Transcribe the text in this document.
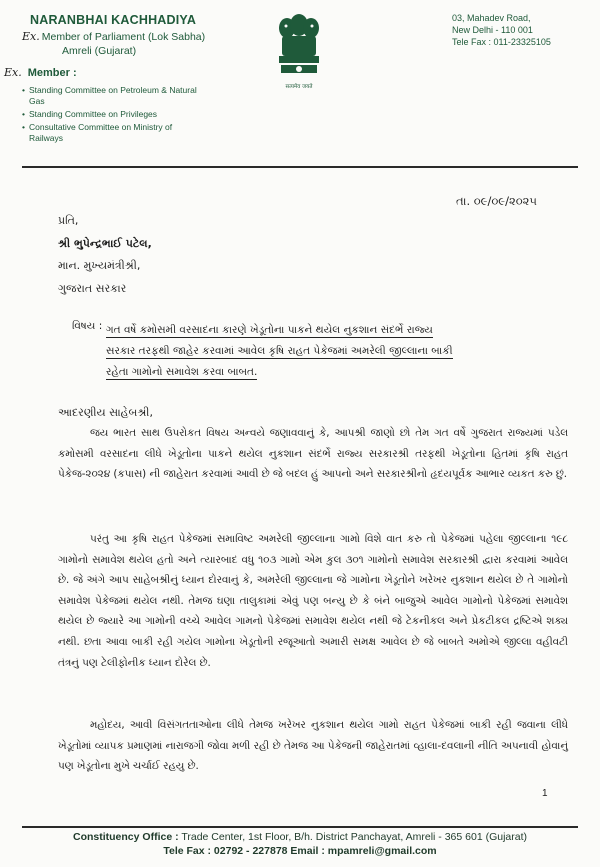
NARANBHAI KACHHADIYA
Ex. Member of Parliament (Lok Sabha)
Amreli (Gujarat)
Ex. Member :
• Standing Committee on Petroleum & Natural Gas
• Standing Committee on Privileges
• Consultative Committee on Ministry of Railways
सत्यमेव जयते
03, Mahadev Road,
New Delhi - 110 001
Tele Fax : 011-23325105
તા. ૦૯/૦૯/૨૦૨૫
પ્રતિ,
શ્રી ભુપેન્દ્રભાઈ પટેલ,
માન. મુખ્યમંત્રીશ્રી,
ગુજરાત સરકાર
વિષય : ગત વર્ષે કમોસમી વરસાદના કારણે ખેડૂતોના પાકને થયેલ નુકશાન સંદર્ભે રાજ્ય
સરકાર તરફથી જાહેર કરવામાં આવેલ કૃષિ રાહત પેકેજમાં અમરેલી જીલ્લાના બાકી
રહેતા ગામોનો સમાવેશ કરવા બાબત.
આદરણીય સાહેબશ્રી,
જય ભારત સાથ ઉપરોકત વિષય અન્વયે જણાવવાનું કે, આપશ્રી જાણો છો તેમ ગત વર્ષે ગુજરાત રાજ્યમાં પડેલ કમોસમી વરસાદના લીધે ખેડૂતોના પાકને થયેલ નુકશાન સંદર્ભે રાજ્ય સરકારશ્રી તરફથી ખેડૂતોના હિતમાં કૃષિ રાહત પેકેજ-૨૦૨૪ (કપાસ) ની જાહેરાત કરવામાં આવી છે જે બદલ હું આપનો અને સરકારશ્રીનો હૃદયપૂર્વક આભાર વ્યકત કરુ છું.
પરંતુ આ કૃષિ રાહત પેકેજમાં સમાવિષ્ટ અમરેલી જીલ્લાના ગામો વિશે વાત કરુ તો પેકેજમાં પહેલા જીલ્લાના ૧૯૮ ગામોનો સમાવેશ થયેલ હતો અને ત્યારબાદ વધુ ૧૦૩ ગામો એમ કુલ ૩૦૧ ગામોનો સમાવેશ સરકારશ્રી દ્વારા કરવામાં આવેલ છે. જે અંગે આપ સાહેબશ્રીનું ધ્યાન દોરવાનું કે, અમરેલી જીલ્લાના જે ગામોના ખેડૂતોને ખરેખર નુકશાન થયેલ છે તે ગામોનો સમાવેશ પેકેજમાં થયેલ નથી. તેમજ ઘણા તાલુકામાં એવું પણ બન્યુ છે કે બંને બાજુએ આવેલ ગામોનો પેકેજમાં સમાવેશ થયેલ છે જ્યારે આ ગામોની વચ્ચે આવેલ ગામનો પેકેજમાં સમાવેશ થયેલ નથી જે ટેકનીકલ અને પ્રેકટીકલ દ્રષ્ટિએ શક્ય નથી. છતા આવા બાકી રહી ગયેલ ગામોના ખેડૂતોની રજૂઆતો અમારી સમક્ષ આવેલ છે જે બાબતે અમોએ જીલ્લા વહીવટી તંત્રનું પણ ટેલીફોનીક ધ્યાન દોરેલ છે.
મહોદય, આવી વિસંગતતાઓના લીધે તેમજ ખરેખર નુકશાન થયેલ ગામો રાહત પેકેજમાં બાકી રહી જવાના લીધે ખેડૂતોમાં વ્યાપક પ્રમાણમાં નારાજગી જોવા મળી રહી છે તેમજ આ પેકેજની જાહેરાતમાં વ્હાલા-દવલાની નીતિ અપનાવી હોવાનું પણ ખેડૂતોના મુખે ચર્ચાઈ રહયુ છે.
1
Constituency Office : Trade Center, 1st Floor, B/h. District Panchayat, Amreli - 365 601 (Gujarat)
Tele Fax : 02792 - 227878 Email : mpamreli@gmail.com
